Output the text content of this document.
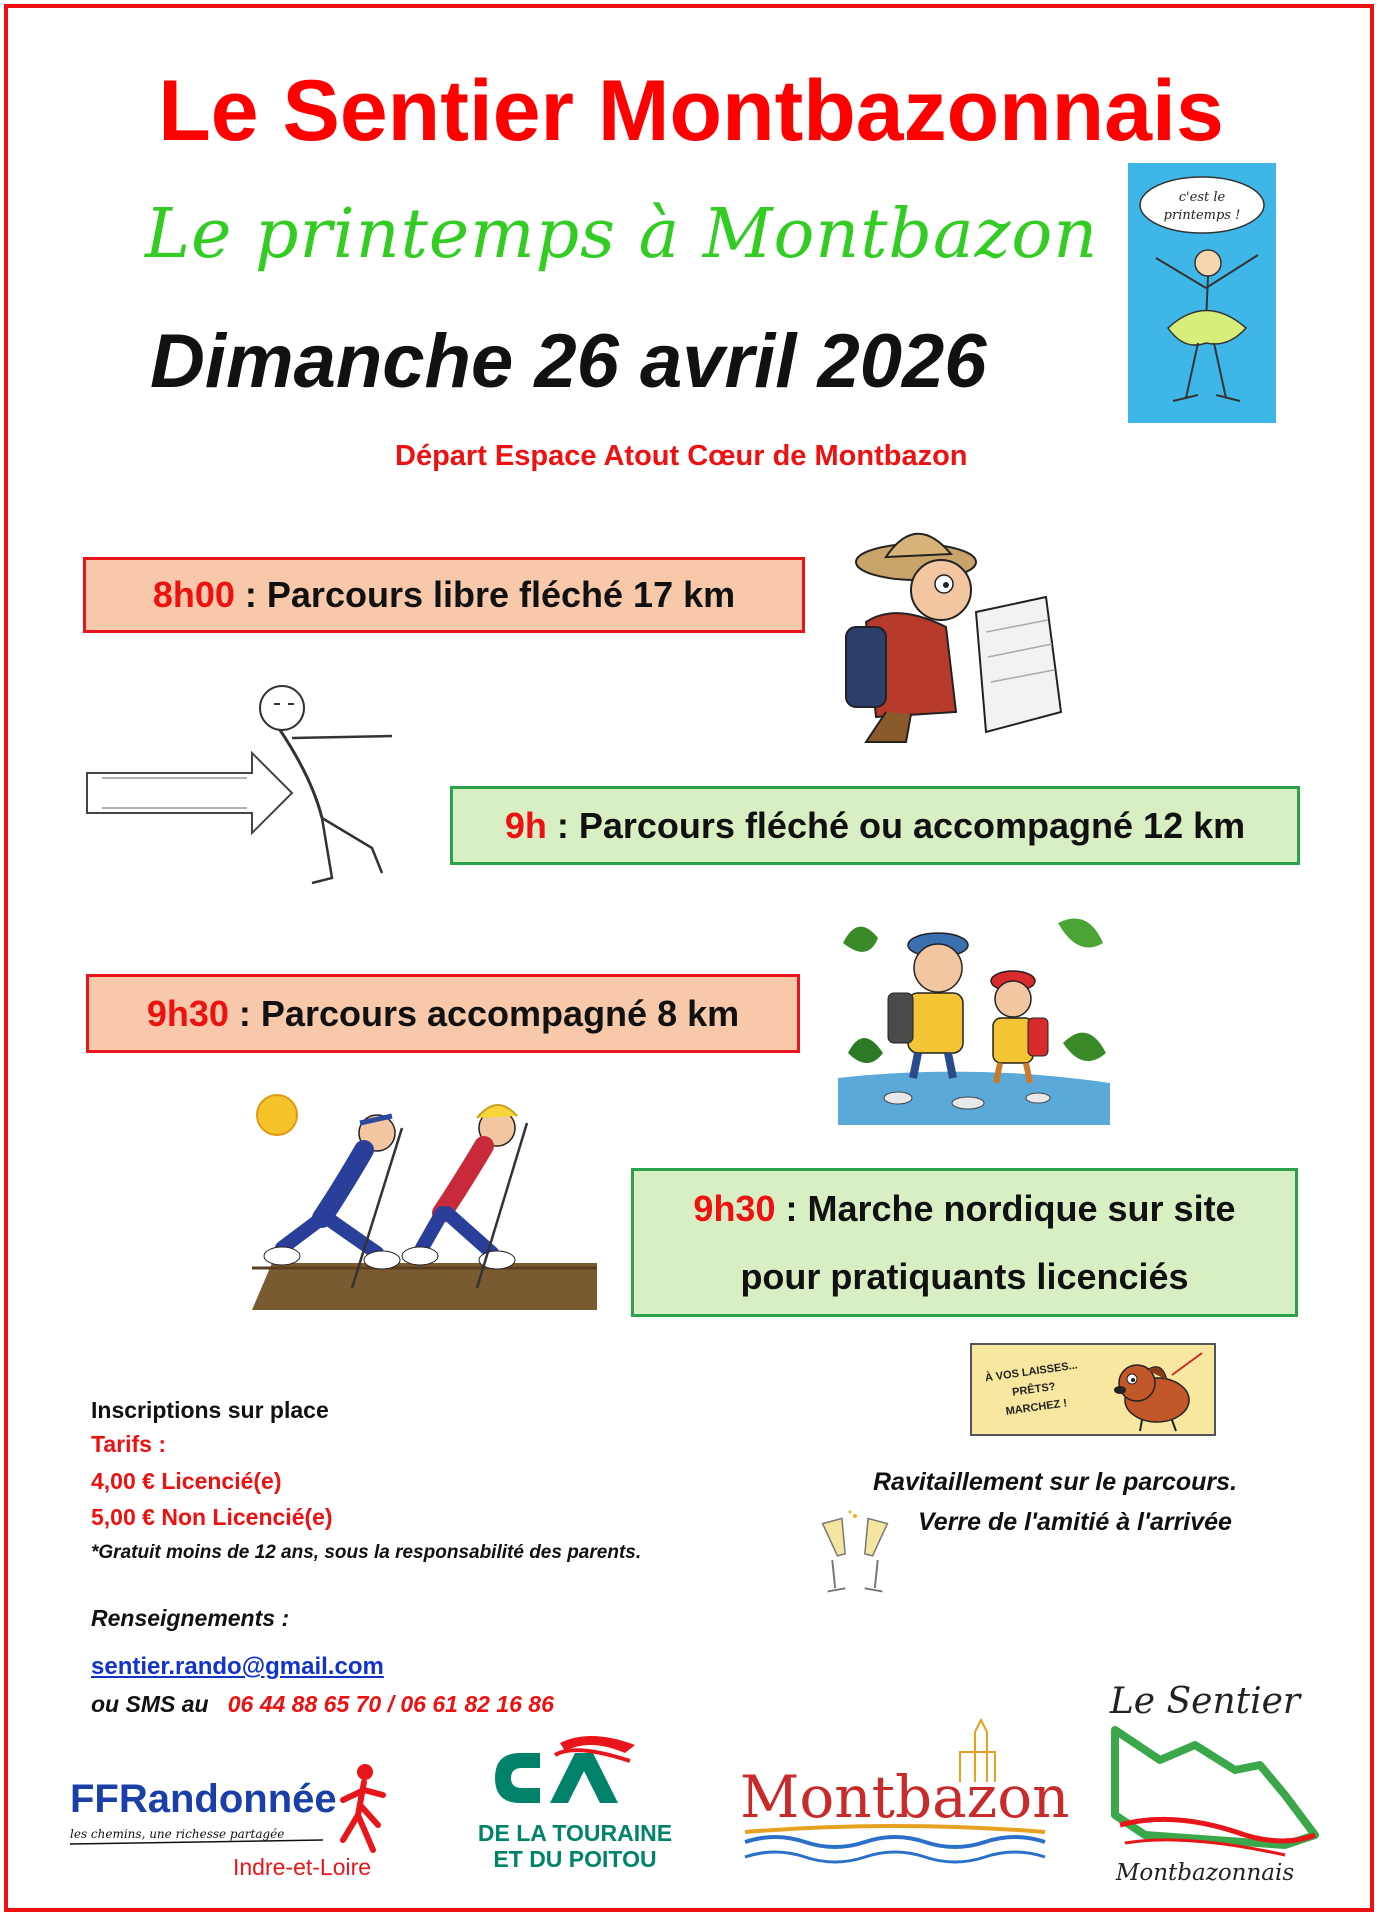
Le Sentier Montbazonnais
Le printemps à Montbazon
Dimanche 26 avril 2026
Départ Espace Atout Cœur de Montbazon
c'est le
printemps !
8h00 : Parcours libre fléché 17 km
9h : Parcours fléché ou accompagné 12 km
9h30 : Parcours accompagné 8 km
9h30 : Marche nordique sur site
pour pratiquants licenciés
À VOS LAISSES...
PRÊTS?
MARCHEZ !
Ravitaillement sur le parcours.
Verre de l'amitié à l'arrivée
Inscriptions sur place
Tarifs :
4,00 € Licencié(e)
5,00 € Non Licencié(e)
*Gratuit moins de 12 ans, sous la responsabilité des parents.
Renseignements :
sentier.rando@gmail.com
ou SMS au 06 44 88 65 70 / 06 61 82 16 86
FFRandonnée
les chemins, une richesse partagée
Indre-et-Loire
DE LA TOURAINE
ET DU POITOU
Montbazon
Le Sentier
Montbazonnais
